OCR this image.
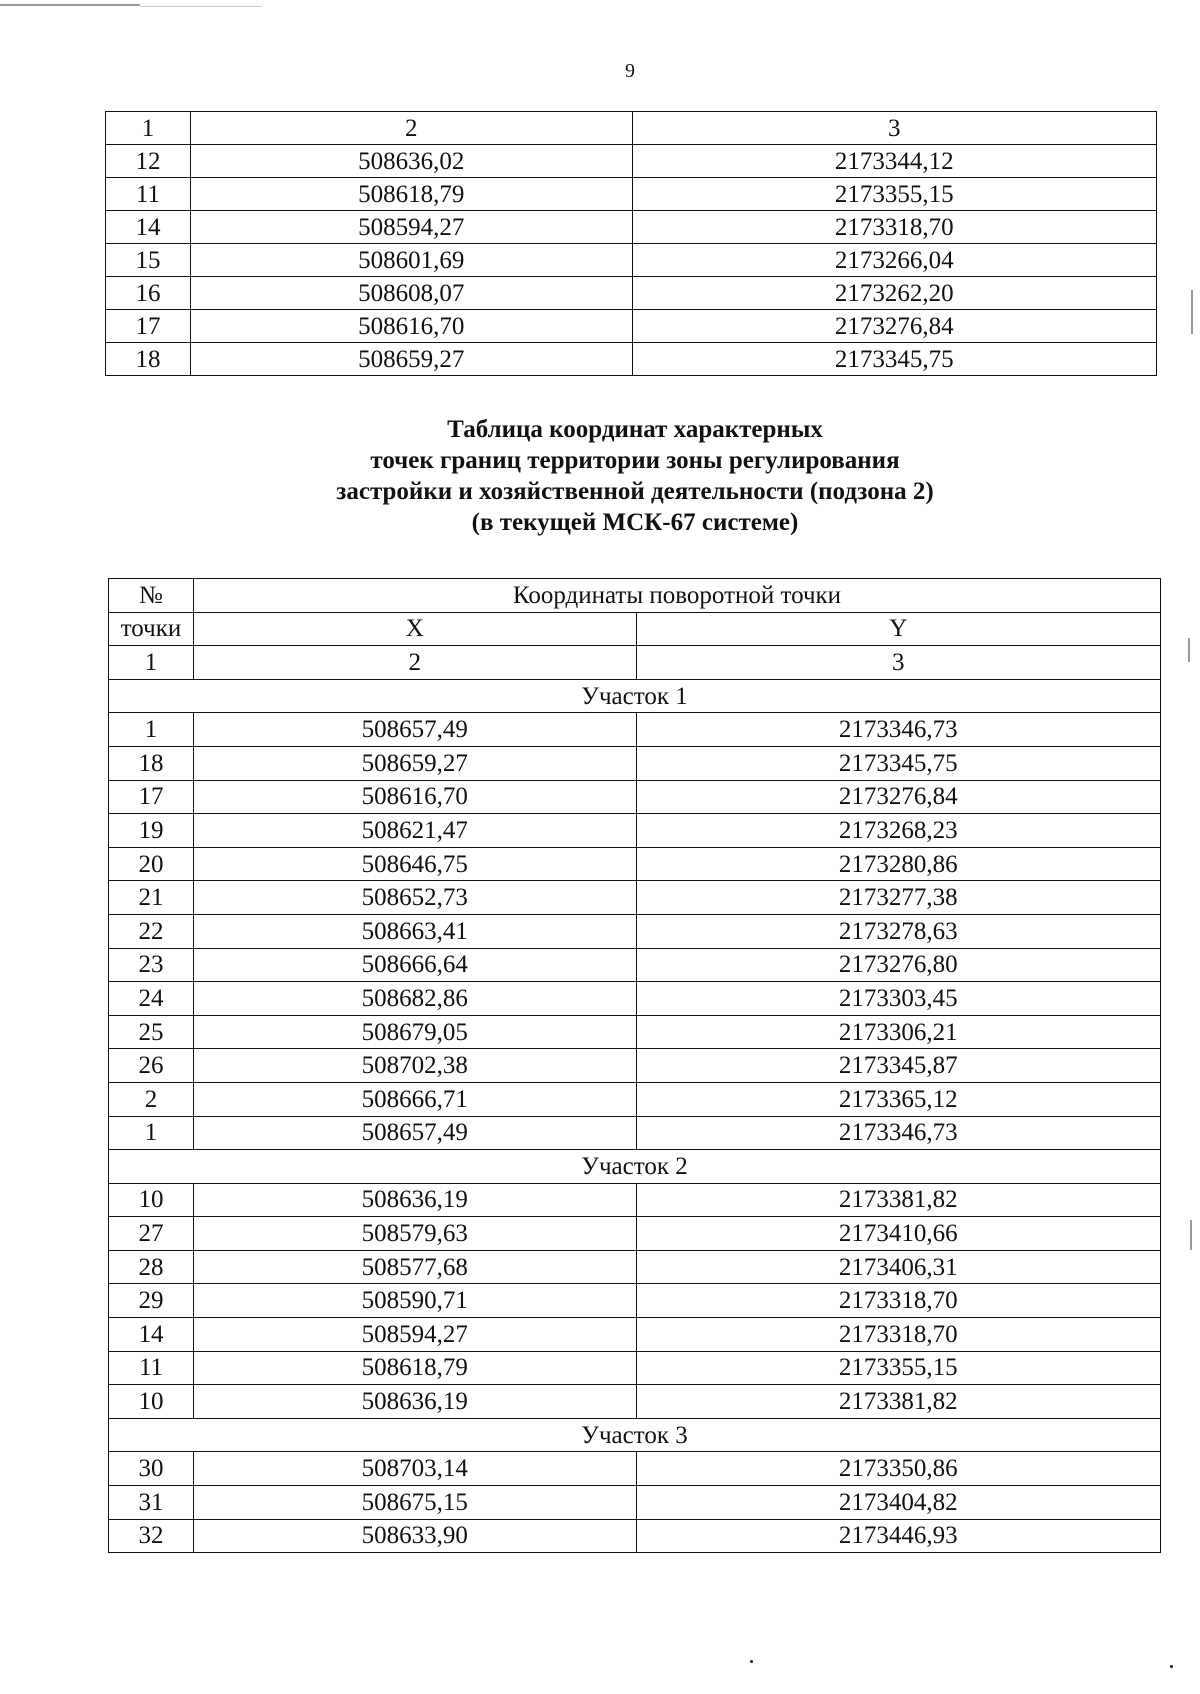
9
1	2	3
12	508636,02	2173344,12
11	508618,79	2173355,15
14	508594,27	2173318,70
15	508601,69	2173266,04
16	508608,07	2173262,20
17	508616,70	2173276,84
18	508659,27	2173345,75
Таблица координат характерных
точек границ территории зоны регулирования
застройки и хозяйственной деятельности (подзона 2)
(в текущей МСК-67 системе)
№	Координаты поворотной точки	
точки	X	Y
1	2	3
Участок 1		
1	508657,49	2173346,73
18	508659,27	2173345,75
17	508616,70	2173276,84
19	508621,47	2173268,23
20	508646,75	2173280,86
21	508652,73	2173277,38
22	508663,41	2173278,63
23	508666,64	2173276,80
24	508682,86	2173303,45
25	508679,05	2173306,21
26	508702,38	2173345,87
2	508666,71	2173365,12
1	508657,49	2173346,73
Участок 2		
10	508636,19	2173381,82
27	508579,63	2173410,66
28	508577,68	2173406,31
29	508590,71	2173318,70
14	508594,27	2173318,70
11	508618,79	2173355,15
10	508636,19	2173381,82
Участок 3		
30	508703,14	2173350,86
31	508675,15	2173404,82
32	508633,90	2173446,93
